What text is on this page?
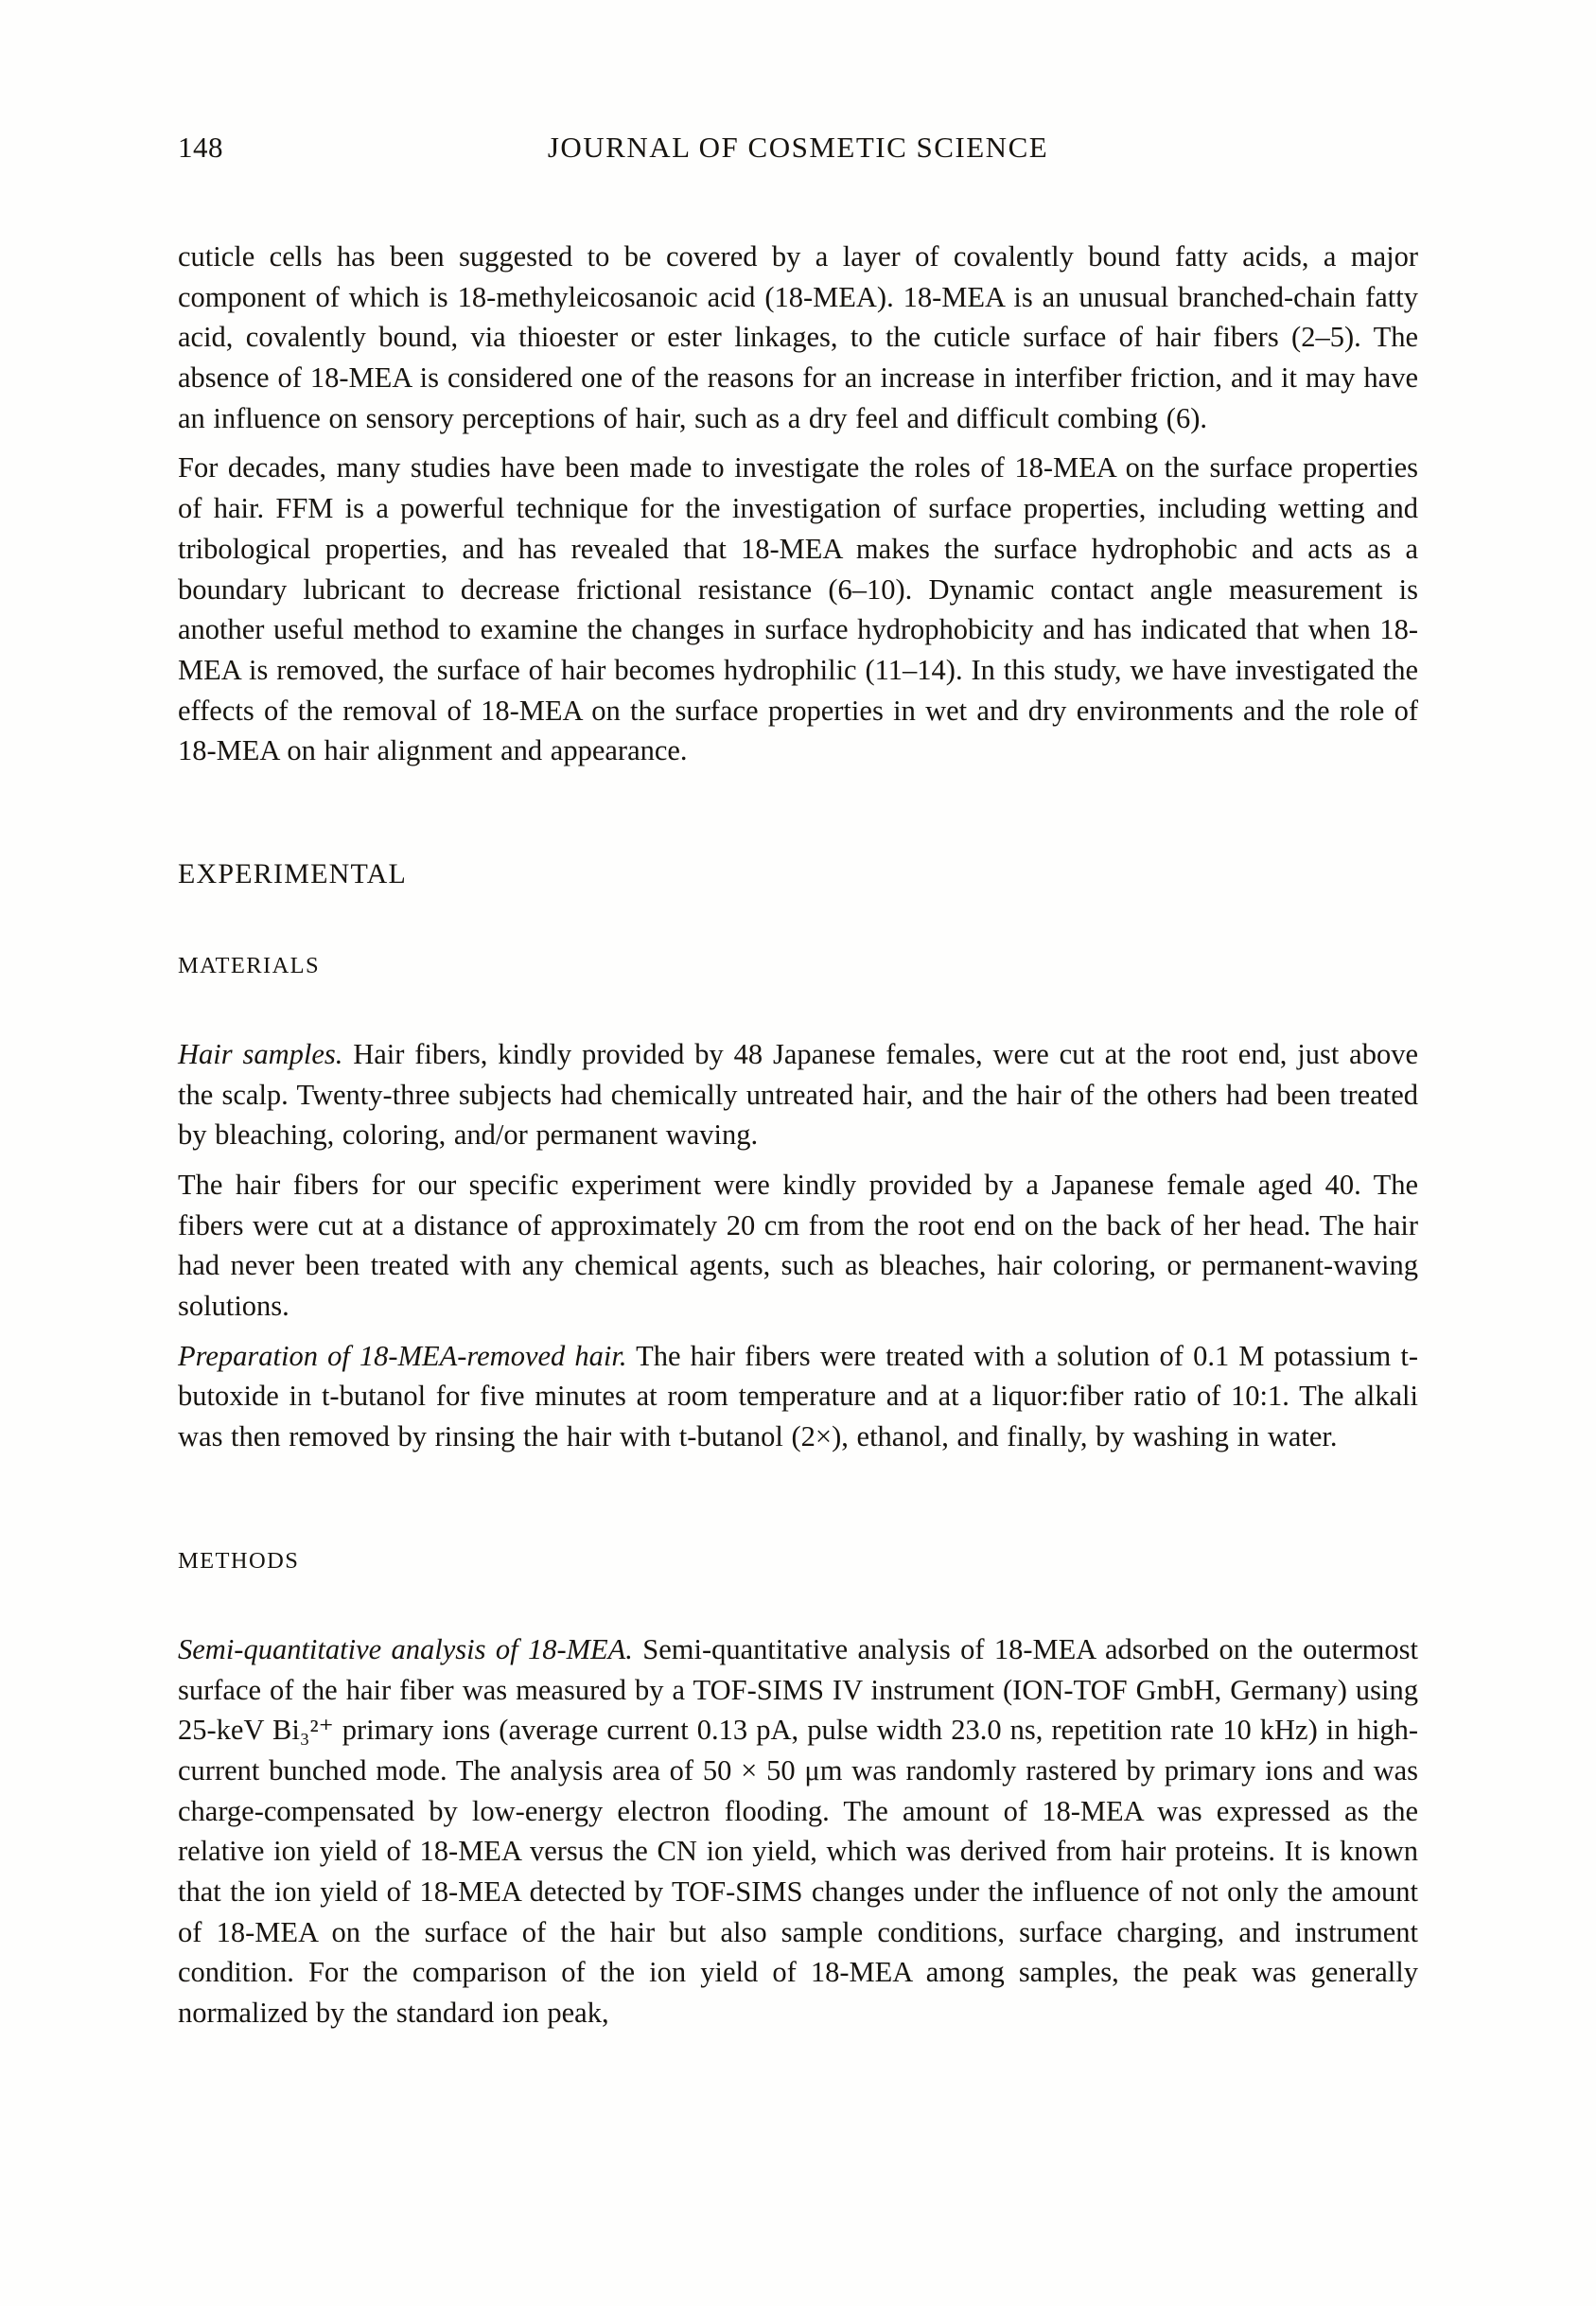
148	JOURNAL OF COSMETIC SCIENCE

cuticle cells has been suggested to be covered by a layer of covalently bound fatty acids, a major component of which is 18-methyleicosanoic acid (18-MEA). 18-MEA is an unusual branched-chain fatty acid, covalently bound, via thioester or ester linkages, to the cuticle surface of hair fibers (2–5). The absence of 18-MEA is considered one of the reasons for an increase in interfiber friction, and it may have an influence on sensory perceptions of hair, such as a dry feel and difficult combing (6).

For decades, many studies have been made to investigate the roles of 18-MEA on the surface properties of hair. FFM is a powerful technique for the investigation of surface properties, including wetting and tribological properties, and has revealed that 18-MEA makes the surface hydrophobic and acts as a boundary lubricant to decrease frictional resistance (6–10). Dynamic contact angle measurement is another useful method to examine the changes in surface hydrophobicity and has indicated that when 18-MEA is removed, the surface of hair becomes hydrophilic (11–14). In this study, we have investigated the effects of the removal of 18-MEA on the surface properties in wet and dry environments and the role of 18-MEA on hair alignment and appearance.

EXPERIMENTAL
MATERIALS

Hair samples. Hair fibers, kindly provided by 48 Japanese females, were cut at the root end, just above the scalp. Twenty-three subjects had chemically untreated hair, and the hair of the others had been treated by bleaching, coloring, and/or permanent waving.

The hair fibers for our specific experiment were kindly provided by a Japanese female aged 40. The fibers were cut at a distance of approximately 20 cm from the root end on the back of her head. The hair had never been treated with any chemical agents, such as bleaches, hair coloring, or permanent-waving solutions.

Preparation of 18-MEA-removed hair. The hair fibers were treated with a solution of 0.1 M potassium t-butoxide in t-butanol for five minutes at room temperature and at a liquor:fiber ratio of 10:1. The alkali was then removed by rinsing the hair with t-butanol (2×), ethanol, and finally, by washing in water.

METHODS

Semi-quantitative analysis of 18-MEA. Semi-quantitative analysis of 18-MEA adsorbed on the outermost surface of the hair fiber was measured by a TOF-SIMS IV instrument (ION-TOF GmbH, Germany) using 25-keV Bi₃²⁺ primary ions (average current 0.13 pA, pulse width 23.0 ns, repetition rate 10 kHz) in high-current bunched mode. The analysis area of 50 × 50 μm was randomly rastered by primary ions and was charge-compensated by low-energy electron flooding. The amount of 18-MEA was expressed as the relative ion yield of 18-MEA versus the CN ion yield, which was derived from hair proteins. It is known that the ion yield of 18-MEA detected by TOF-SIMS changes under the influence of not only the amount of 18-MEA on the surface of the hair but also sample conditions, surface charging, and instrument condition. For the comparison of the ion yield of 18-MEA among samples, the peak was generally normalized by the standard ion peak,
